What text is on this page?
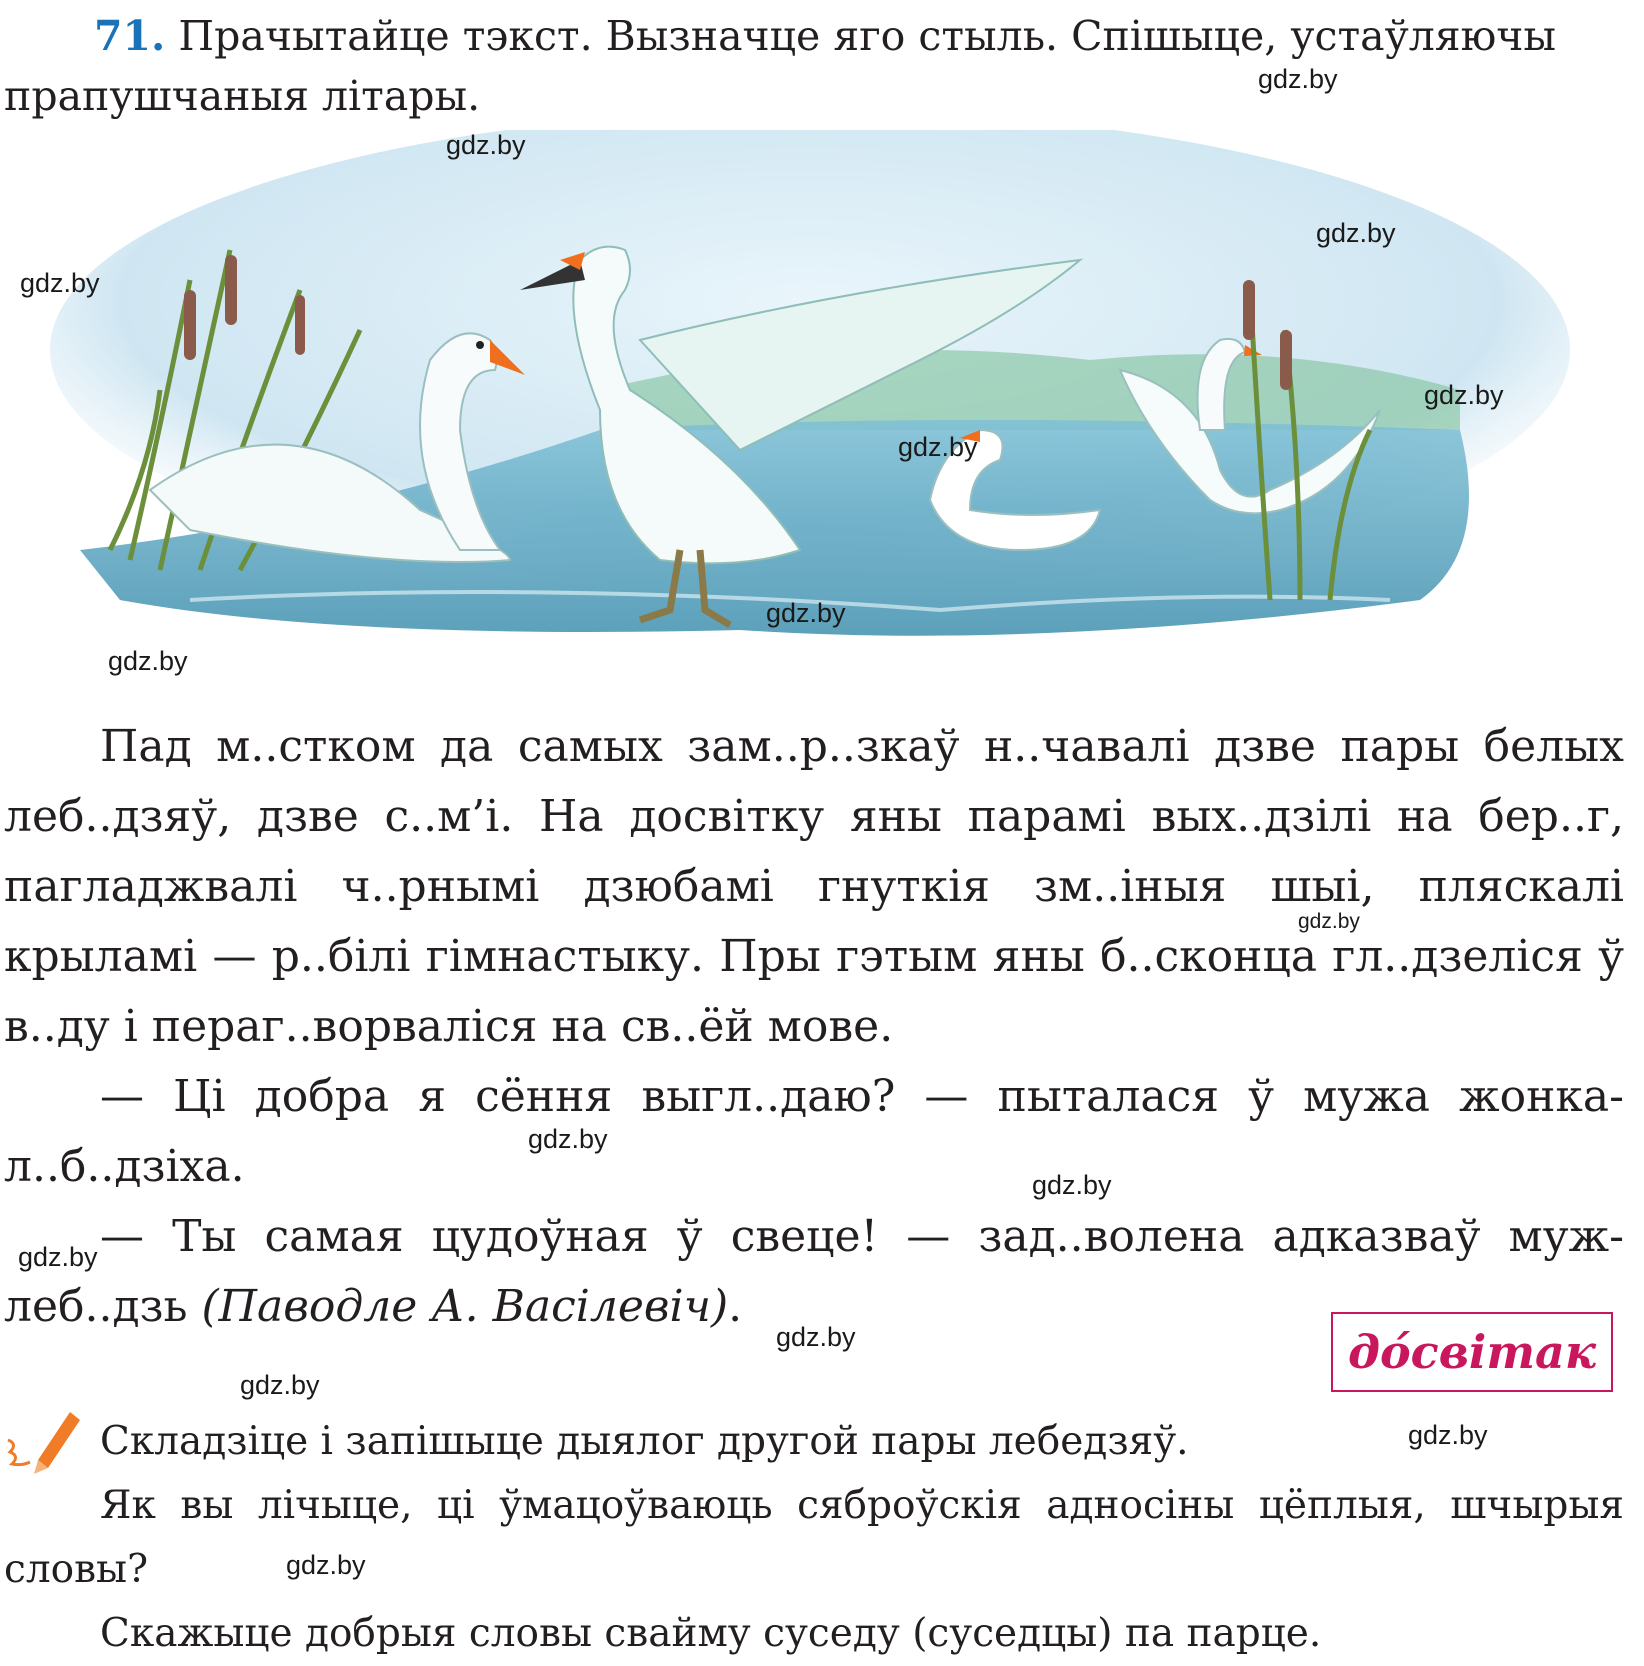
71. Прачытайце тэкст. Вызначце яго стыль. Спішыце, устаўляючы прапушчаныя літары.

Пад м..стком да самых зам..р..зкаў н..чавалі дзве пары белых леб..дзяў, дзве с..м’і. На досвітку яны парамі вых..дзілі на бер..г, пагладжвалі ч..рнымі дзюбамі гнуткія зм..іныя шыі, пляскалі крыламі — р..білі гімнастыку. Пры гэтым яны б..сконца гл..дзеліся ў в..ду і пераг..ворваліся на св..ёй мове.

— Ці добра я сёння выгл..даю? — пыталася ў мужа жонка-л..б..дзіха.

— Ты самая цудоўная ў свеце! — зад..волена адказваў муж-леб..дзь (Паводле А. Васілевіч).

до́світак

Складзіце і запішыце дыялог другой пары лебедзяў.

Як вы лічыце, ці ўмацоўваюць сяброўскія адносіны цёплыя, шчырыя словы?

Скажыце добрыя словы свайму суседу (суседцы) па парце.

gdz.by
gdz.by
gdz.by
gdz.by
gdz.by
gdz.by
gdz.by
gdz.by
gdz.by
gdz.by
gdz.by
gdz.by
gdz.by
gdz.by
gdz.by
gdz.by
